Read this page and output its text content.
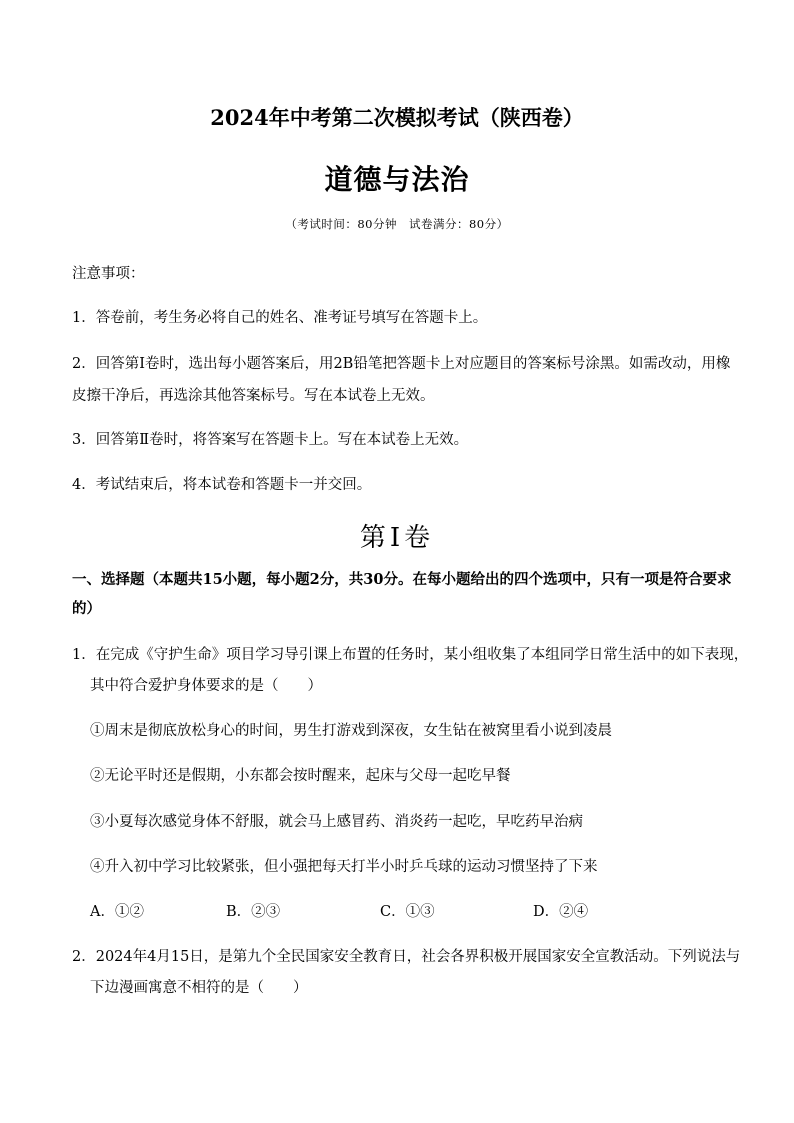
2024年中考第二次模拟考试（陕西卷）
道德与法治
（考试时间：80分钟　试卷满分：80分）
注意事项：
1．答卷前，考生务必将自己的姓名、准考证号填写在答题卡上。
2．回答第Ⅰ卷时，选出每小题答案后，用2B铅笔把答题卡上对应题目的答案标号涂黑。如需改动，用橡
皮擦干净后，再选涂其他答案标号。写在本试卷上无效。
3．回答第Ⅱ卷时，将答案写在答题卡上。写在本试卷上无效。
4．考试结束后，将本试卷和答题卡一并交回。
第Ⅰ卷
一、选择题（本题共15小题，每小题2分，共30分。在每小题给出的四个选项中，只有一项是符合要求
的）
1．在完成《守护生命》项目学习导引课上布置的任务时，某小组收集了本组同学日常生活中的如下表现，
其中符合爱护身体要求的是（　　）
①周末是彻底放松身心的时间，男生打游戏到深夜，女生钻在被窝里看小说到凌晨
②无论平时还是假期，小东都会按时醒来，起床与父母一起吃早餐
③小夏每次感觉身体不舒服，就会马上感冒药、消炎药一起吃，早吃药早治病
④升入初中学习比较紧张，但小强把每天打半小时乒乓球的运动习惯坚持了下来
A．①②	B．②③	C．①③	D．②④
2．2024年4月15日，是第九个全民国家安全教育日，社会各界积极开展国家安全宣教活动。下列说法与
下边漫画寓意不相符的是（　　）
